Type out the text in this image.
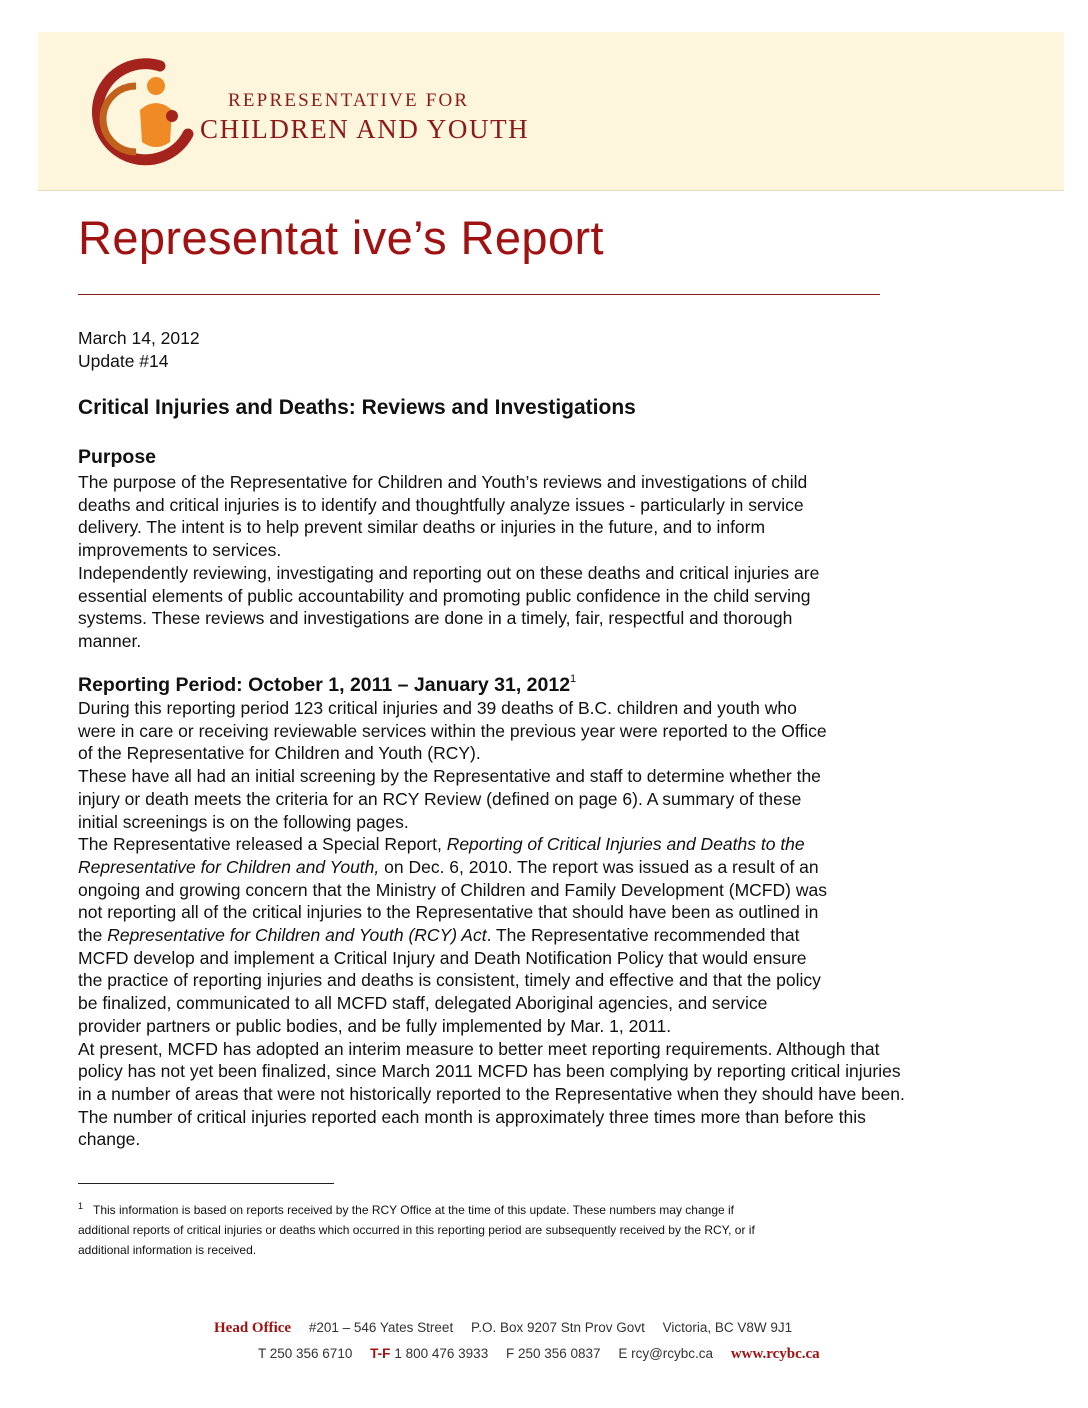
REPRESENTATIVE FOR
CHILDREN AND YOUTH
Representat ive’s Report
March 14, 2012
Update #14
Critical Injuries and Deaths: Reviews and Investigations
Purpose
The purpose of the Representative for Children and Youth’s reviews and investigations of child
deaths and critical injuries is to identify and thoughtfully analyze issues - particularly in service
delivery. The intent is to help prevent similar deaths or injuries in the future, and to inform
improvements to services.
Independently reviewing, investigating and reporting out on these deaths and critical injuries are
essential elements of public accountability and promoting public confidence in the child serving
systems. These reviews and investigations are done in a timely, fair, respectful and thorough
manner.
Reporting Period: October 1, 2011 – January 31, 2012$^1$
During this reporting period 123 critical injuries and 39 deaths of B.C. children and youth who
were in care or receiving reviewable services within the previous year were reported to the Office
of the Representative for Children and Youth (RCY).
These have all had an initial screening by the Representative and staff to determine whether the
injury or death meets the criteria for an RCY Review (defined on page 6). A summary of these
initial screenings is on the following pages.
The Representative released a Special Report, Reporting of Critical Injuries and Deaths to the
Representative for Children and Youth, on Dec. 6, 2010. The report was issued as a result of an
ongoing and growing concern that the Ministry of Children and Family Development (MCFD) was
not reporting all of the critical injuries to the Representative that should have been as outlined in
the Representative for Children and Youth (RCY) Act. The Representative recommended that
MCFD develop and implement a Critical Injury and Death Notification Policy that would ensure
the practice of reporting injuries and deaths is consistent, timely and effective and that the policy
be finalized, communicated to all MCFD staff, delegated Aboriginal agencies, and service
provider partners or public bodies, and be fully implemented by Mar. 1, 2011.
At present, MCFD has adopted an interim measure to better meet reporting requirements. Although that
policy has not yet been finalized, since March 2011 MCFD has been complying by reporting critical injuries
in a number of areas that were not historically reported to the Representative when they should have been.
The number of critical injuries reported each month is approximately three times more than before this
change.
$^1$ This information is based on reports received by the RCY Office at the time of this update. These numbers may change if
additional reports of critical injuries or deaths which occurred in this reporting period are subsequently received by the RCY, or if
additional information is received.
Head Office #201 – 546 Yates Street P.O. Box 9207 Stn Prov Govt Victoria, BC V8W 9J1
T 250 356 6710 T-F 1 800 476 3933 F 250 356 0837 E rcy@rcybc.ca www.rcybc.ca
